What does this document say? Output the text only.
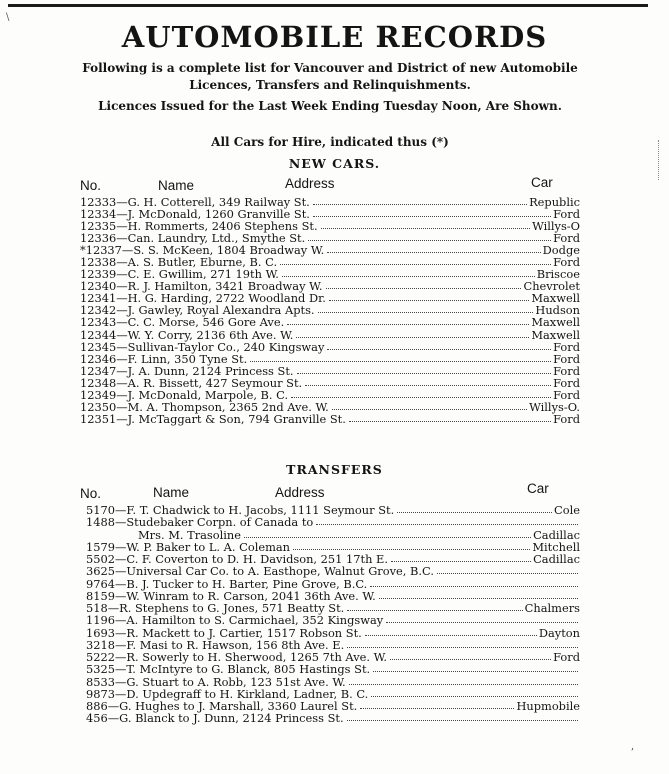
\
,
AUTOMOBILE RECORDS
Following is a complete list for Vancouver and District of new Automobile Licences, Transfers and Relinquishments.
Licences Issued for the Last Week Ending Tuesday Noon, Are Shown.
All Cars for Hire, indicated thus (*)
NEW CARS.
No.	Name	Address	Car
12333—G. H. Cotterell, 349 Railway St.	Republic
12334—J. McDonald, 1260 Granville St.	Ford
12335—H. Rommerts, 2406 Stephens St.	Willys-O
12336—Can. Laundry, Ltd., Smythe St.	Ford
*12337—S. S. McKeen, 1804 Broadway W.	Dodge
12338—A. S. Butler, Eburne, B. C.	Ford
12339—C. E. Gwillim, 271 19th W.	Briscoe
12340—R. J. Hamilton, 3421 Broadway W.	Chevrolet
12341—H. G. Harding, 2722 Woodland Dr.	Maxwell
12342—J. Gawley, Royal Alexandra Apts.	Hudson
12343—C. C. Morse, 546 Gore Ave.	Maxwell
12344—W. Y. Corry, 2136 6th Ave. W.	Maxwell
12345—Sullivan-Taylor Co., 240 Kingsway	Ford
12346—F. Linn, 350 Tyne St.	Ford
12347—J. A. Dunn, 2124 Princess St.	Ford
12348—A. R. Bissett, 427 Seymour St.	Ford
12349—J. McDonald, Marpole, B. C.	Ford
12350—M. A. Thompson, 2365 2nd Ave. W.	Willys-O.
12351—J. McTaggart & Son, 794 Granville St.	Ford
TRANSFERS
No.	Name	Address	Car
5170—F. T. Chadwick to H. Jacobs, 1111 Seymour St.	Cole
1488—Studebaker Corpn. of Canada to
Mrs. M. Trasoline	Cadillac
1579—W. P. Baker to L. A. Coleman	Mitchell
5502—C. F. Coverton to D. H. Davidson, 251 17th E.	Cadillac
3625—Universal Car Co. to A. Easthope, Walnut Grove, B.C.
9764—B. J. Tucker to H. Barter, Pine Grove, B.C.
8159—W. Winram to R. Carson, 2041 36th Ave. W.
518—R. Stephens to G. Jones, 571 Beatty St.	Chalmers
1196—A. Hamilton to S. Carmichael, 352 Kingsway
1693—R. Mackett to J. Cartier, 1517 Robson St.	Dayton
3218—F. Masi to R. Hawson, 156 8th Ave. E.
5222—R. Sowerly to H. Sherwood, 1265 7th Ave. W.	Ford
5325—T. McIntyre to G. Blanck, 805 Hastings St.
8533—G. Stuart to A. Robb, 123 51st Ave. W.
9873—D. Updegraff to H. Kirkland, Ladner, B. C.
886—G. Hughes to J. Marshall, 3360 Laurel St.	Hupmobile
456—G. Blanck to J. Dunn, 2124 Princess St.
